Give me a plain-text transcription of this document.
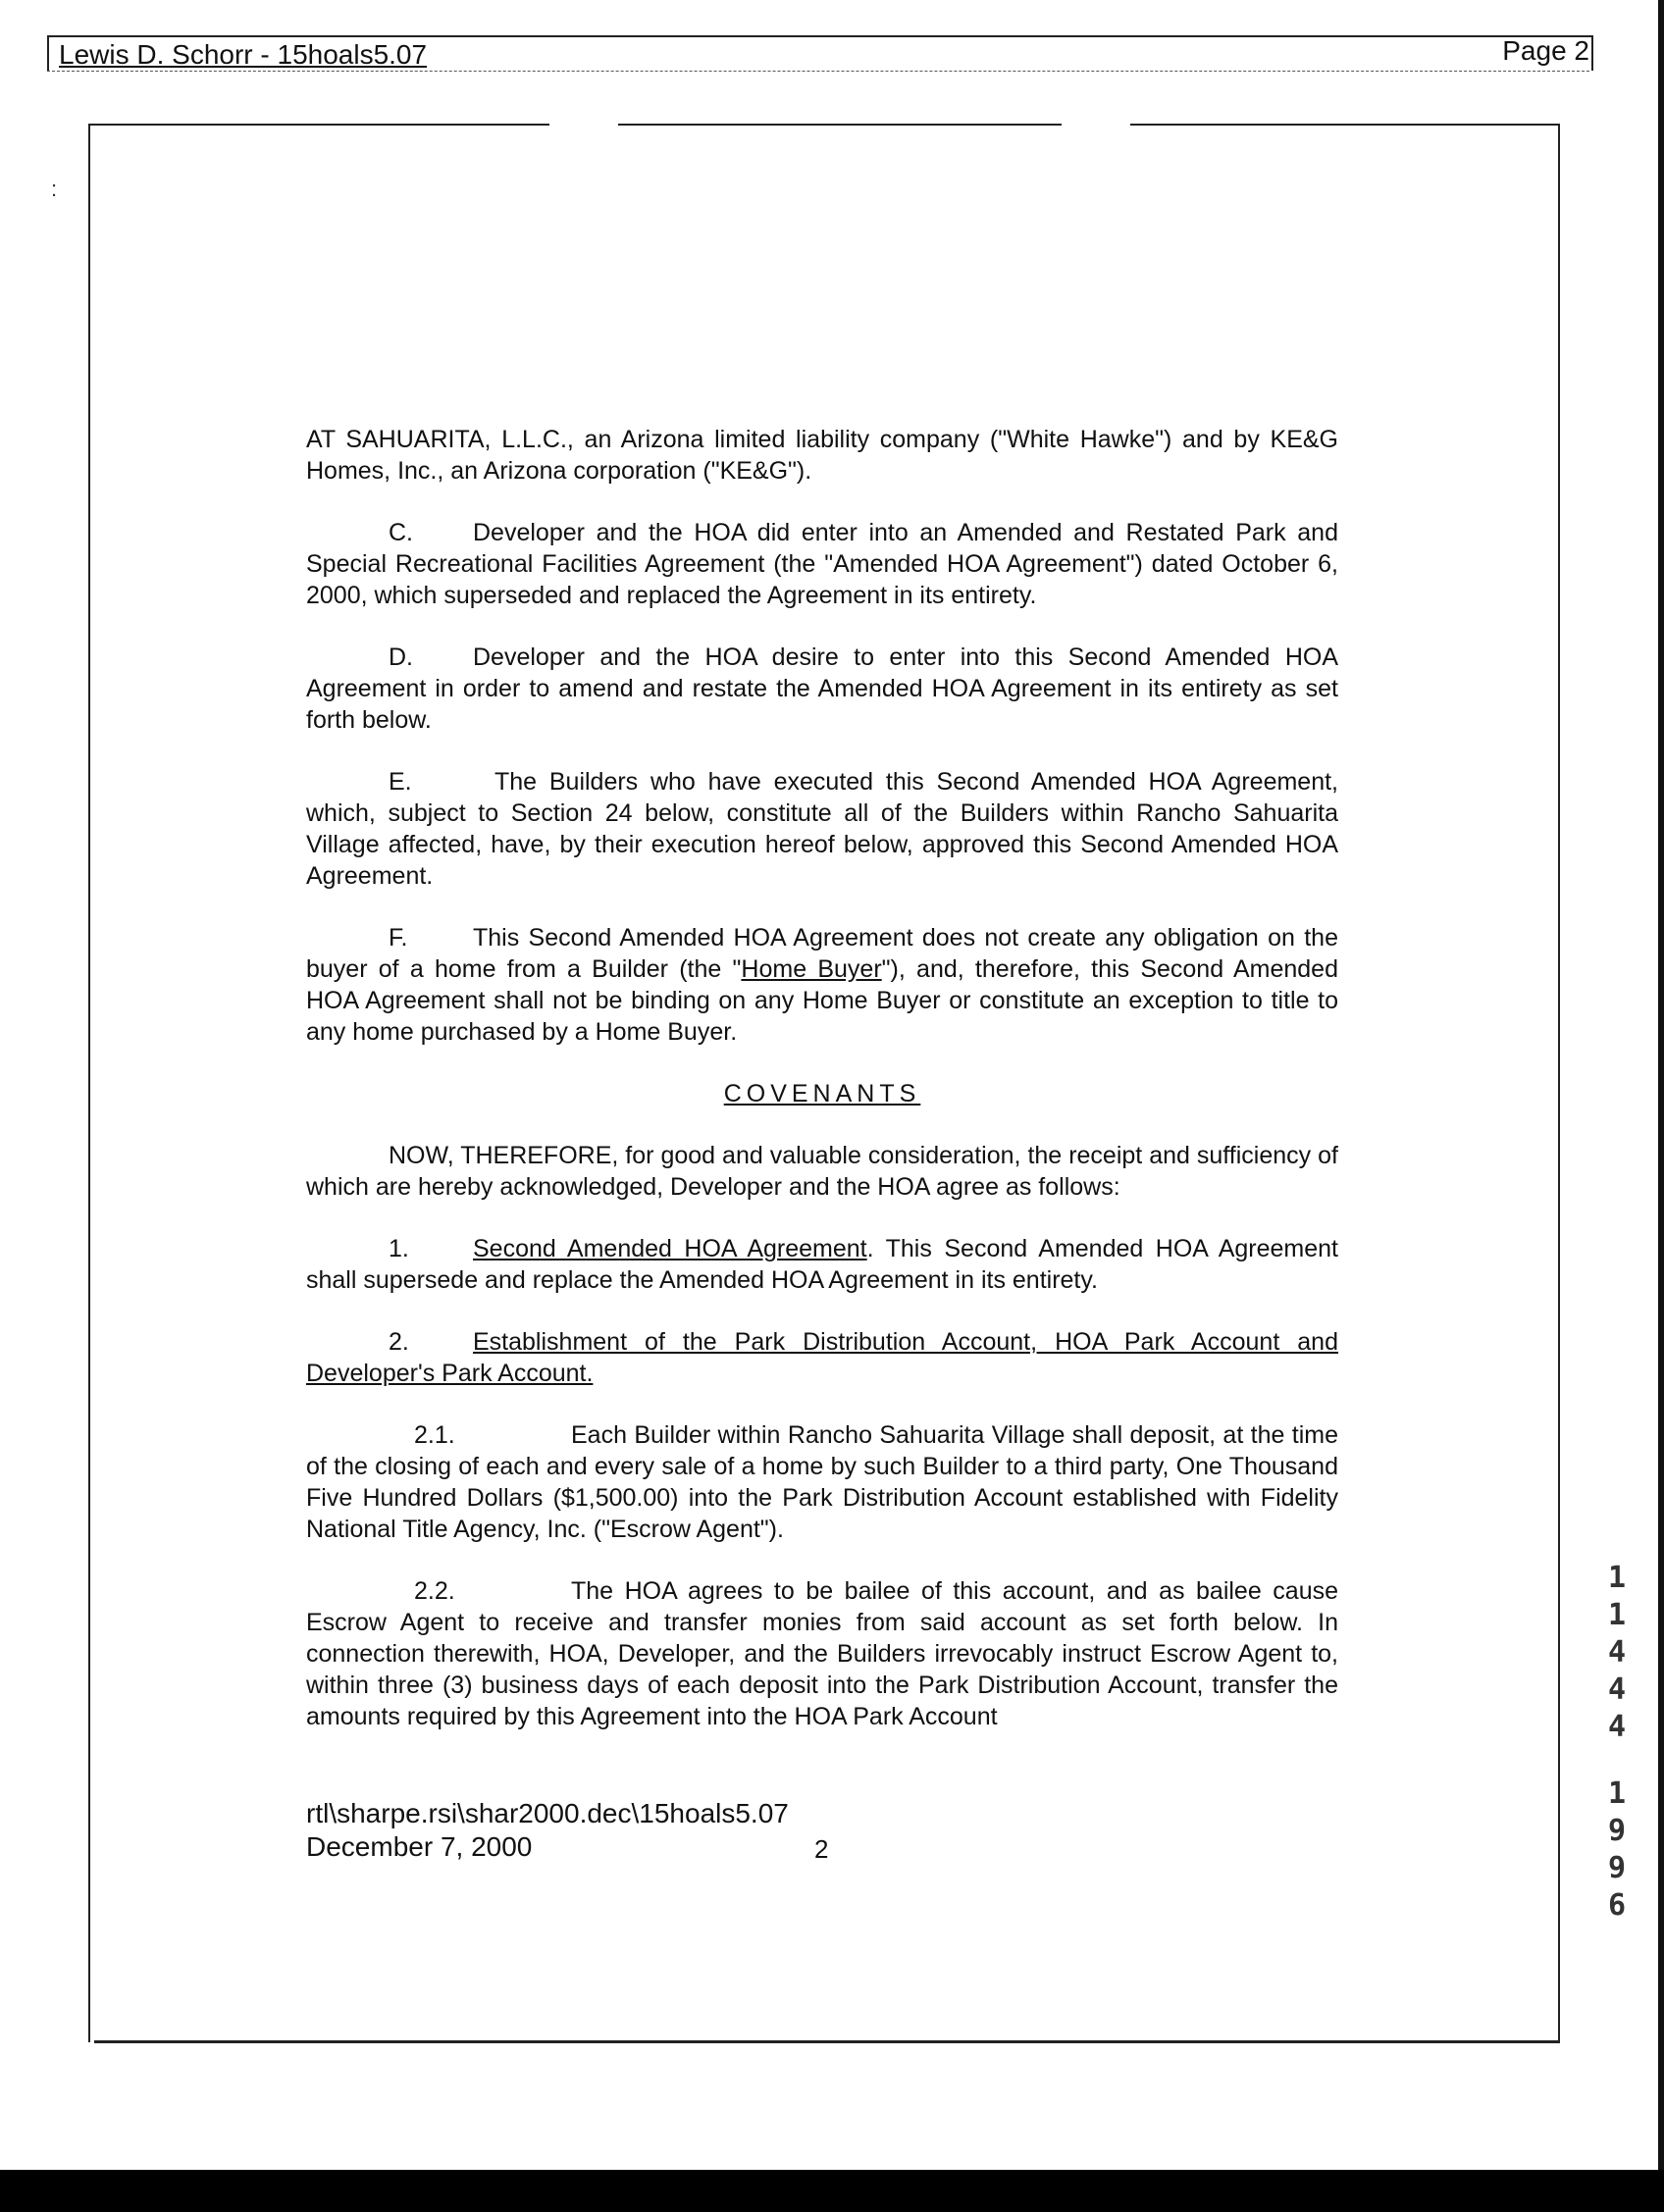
Lewis D. Schorr - 15hoals5.07	Page 2
:

AT SAHUARITA, L.L.C., an Arizona limited liability company ("White Hawke") and by KE&G Homes, Inc., an Arizona corporation ("KE&G").

C. Developer and the HOA did enter into an Amended and Restated Park and Special Recreational Facilities Agreement (the "Amended HOA Agreement") dated October 6, 2000, which superseded and replaced the Agreement in its entirety.

D. Developer and the HOA desire to enter into this Second Amended HOA Agreement in order to amend and restate the Amended HOA Agreement in its entirety as set forth below.

E.	The Builders who have executed this Second Amended HOA Agreement, which, subject to Section 24 below, constitute all of the Builders within Rancho Sahuarita Village affected, have, by their execution hereof below, approved this Second Amended HOA Agreement.

F.	This Second Amended HOA Agreement does not create any obligation on the buyer of a home from a Builder (the "Home Buyer"), and, therefore, this Second Amended HOA Agreement shall not be binding on any Home Buyer or constitute an exception to title to any home purchased by a Home Buyer.

COVENANTS

NOW, THEREFORE, for good and valuable consideration, the receipt and sufficiency of which are hereby acknowledged, Developer and the HOA agree as follows:

1.	Second Amended HOA Agreement. This Second Amended HOA Agreement shall supersede and replace the Amended HOA Agreement in its entirety.

2.	Establishment of the Park Distribution Account, HOA Park Account and Developer's Park Account.

2.1.	Each Builder within Rancho Sahuarita Village shall deposit, at the time of the closing of each and every sale of a home by such Builder to a third party, One Thousand Five Hundred Dollars ($1,500.00) into the Park Distribution Account established with Fidelity National Title Agency, Inc. ("Escrow Agent").

2.2.	The HOA agrees to be bailee of this account, and as bailee cause Escrow Agent to receive and transfer monies from said account as set forth below. In connection therewith, HOA, Developer, and the Builders irrevocably instruct Escrow Agent to, within three (3) business days of each deposit into the Park Distribution Account, transfer the amounts required by this Agreement into the HOA Park Account

rtl\sharpe.rsi\shar2000.dec\15hoals5.07
December 7, 2000	2
1
1
4
4
4
1
9
9
6
